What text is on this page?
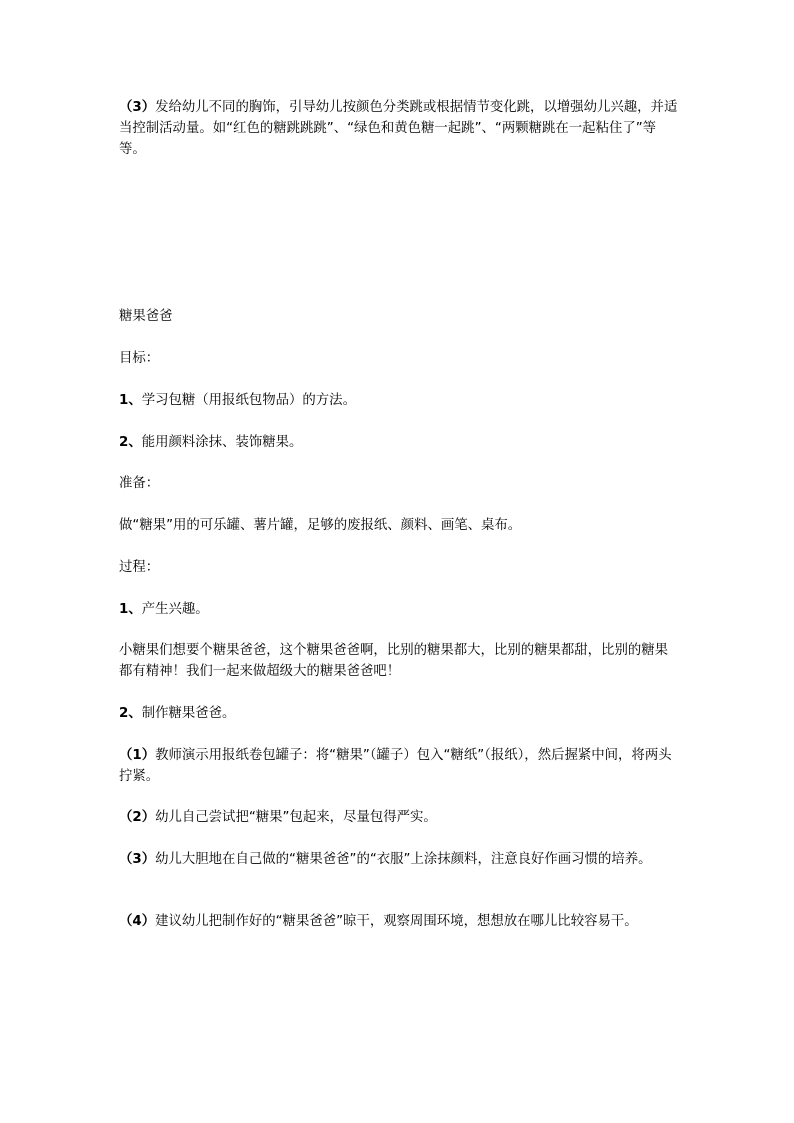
（3）发给幼儿不同的胸饰，引导幼儿按颜色分类跳或根据情节变化跳，以增强幼儿兴趣，并适当控制活动量。如“红色的糖跳跳跳”、“绿色和黄色糖一起跳”、“两颗糖跳在一起粘住了”等等。

糖果爸爸

目标：

1、学习包糖（用报纸包物品）的方法。

2、能用颜料涂抹、装饰糖果。

准备：

做“糖果”用的可乐罐、薯片罐，足够的废报纸、颜料、画笔、桌布。

过程：

1、产生兴趣。

小糖果们想要个糖果爸爸，这个糖果爸爸啊，比别的糖果都大，比别的糖果都甜，比别的糖果都有精神！我们一起来做超级大的糖果爸爸吧！

2、制作糖果爸爸。

（1）教师演示用报纸卷包罐子：将“糖果”（罐子）包入“糖纸”（报纸），然后握紧中间，将两头拧紧。

（2）幼儿自己尝试把“糖果”包起来，尽量包得严实。

（3）幼儿大胆地在自己做的“糖果爸爸”的“衣服”上涂抹颜料，注意良好作画习惯的培养。

（4）建议幼儿把制作好的“糖果爸爸”晾干，观察周围环境，想想放在哪儿比较容易干。
